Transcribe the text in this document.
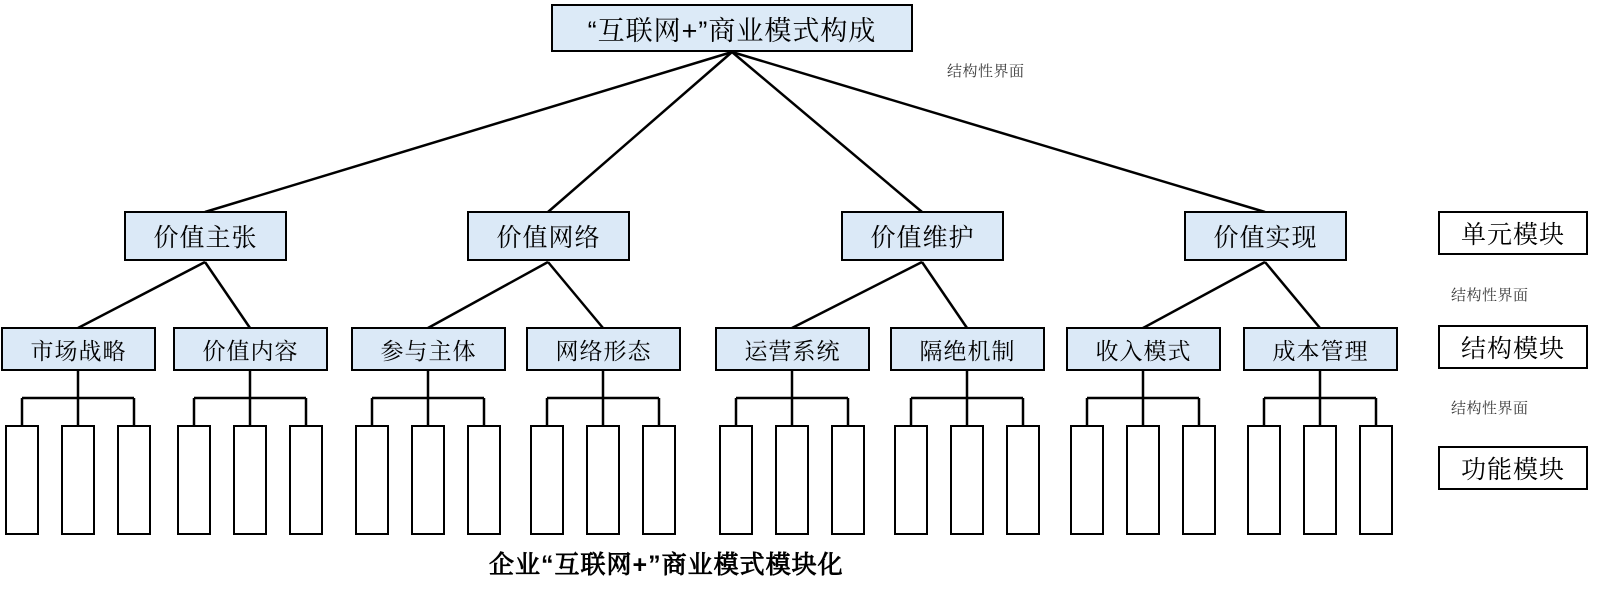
“互联网+”商业模式构成
价值主张	价值网络	价值维护	价值实现
市场战略	价值内容	参与主体	网络形态	运营系统	隔绝机制	收入模式	成本管理
结构性界面
单元模块
结构性界面
结构模块
结构性界面
功能模块
企业“互联网+”商业模式模块化
